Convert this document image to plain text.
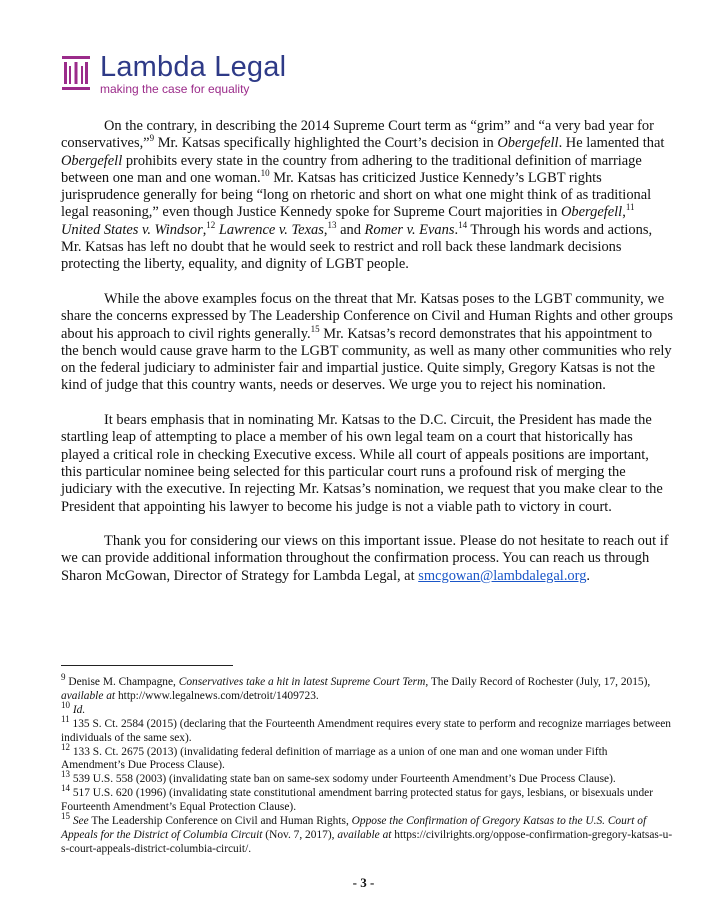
Lambda Legal
making the case for equality

On the contrary, in describing the 2014 Supreme Court term as “grim” and “a very bad year for conservatives,”$^9$ Mr. Katsas specifically highlighted the Court’s decision in Obergefell. He lamented that Obergefell prohibits every state in the country from adhering to the traditional definition of marriage between one man and one woman.$^{10}$ Mr. Katsas has criticized Justice Kennedy’s LGBT rights jurisprudence generally for being “long on rhetoric and short on what one might think of as traditional legal reasoning,” even though Justice Kennedy spoke for Supreme Court majorities in Obergefell,$^{11}$ United States v. Windsor,$^{12}$ Lawrence v. Texas,$^{13}$ and Romer v. Evans.$^{14}$ Through his words and actions, Mr. Katsas has left no doubt that he would seek to restrict and roll back these landmark decisions protecting the liberty, equality, and dignity of LGBT people.

While the above examples focus on the threat that Mr. Katsas poses to the LGBT community, we share the concerns expressed by The Leadership Conference on Civil and Human Rights and other groups about his approach to civil rights generally.$^{15}$ Mr. Katsas’s record demonstrates that his appointment to the bench would cause grave harm to the LGBT community, as well as many other communities who rely on the federal judiciary to administer fair and impartial justice. Quite simply, Gregory Katsas is not the kind of judge that this country wants, needs or deserves. We urge you to reject his nomination.

It bears emphasis that in nominating Mr. Katsas to the D.C. Circuit, the President has made the startling leap of attempting to place a member of his own legal team on a court that historically has played a critical role in checking Executive excess. While all court of appeals positions are important, this particular nominee being selected for this particular court runs a profound risk of merging the judiciary with the executive. In rejecting Mr. Katsas’s nomination, we request that you make clear to the President that appointing his lawyer to become his judge is not a viable path to victory in court.

Thank you for considering our views on this important issue. Please do not hesitate to reach out if we can provide additional information throughout the confirmation process. You can reach us through Sharon McGowan, Director of Strategy for Lambda Legal, at smcgowan@lambdalegal.org.

$^9$ Denise M. Champagne, Conservatives take a hit in latest Supreme Court Term, The Daily Record of Rochester (July, 17, 2015), available at http://www.legalnews.com/detroit/1409723.
$^{10}$ Id.
$^{11}$ 135 S. Ct. 2584 (2015) (declaring that the Fourteenth Amendment requires every state to perform and recognize marriages between individuals of the same sex).
$^{12}$ 133 S. Ct. 2675 (2013) (invalidating federal definition of marriage as a union of one man and one woman under Fifth Amendment’s Due Process Clause).
$^{13}$ 539 U.S. 558 (2003) (invalidating state ban on same-sex sodomy under Fourteenth Amendment’s Due Process Clause).
$^{14}$ 517 U.S. 620 (1996) (invalidating state constitutional amendment barring protected status for gays, lesbians, or bisexuals under Fourteenth Amendment’s Equal Protection Clause).
$^{15}$ See The Leadership Conference on Civil and Human Rights, Oppose the Confirmation of Gregory Katsas to the U.S. Court of Appeals for the District of Columbia Circuit (Nov. 7, 2017), available at https://civilrights.org/oppose-confirmation-gregory-katsas-u-s-court-appeals-district-columbia-circuit/.
- 3 -
